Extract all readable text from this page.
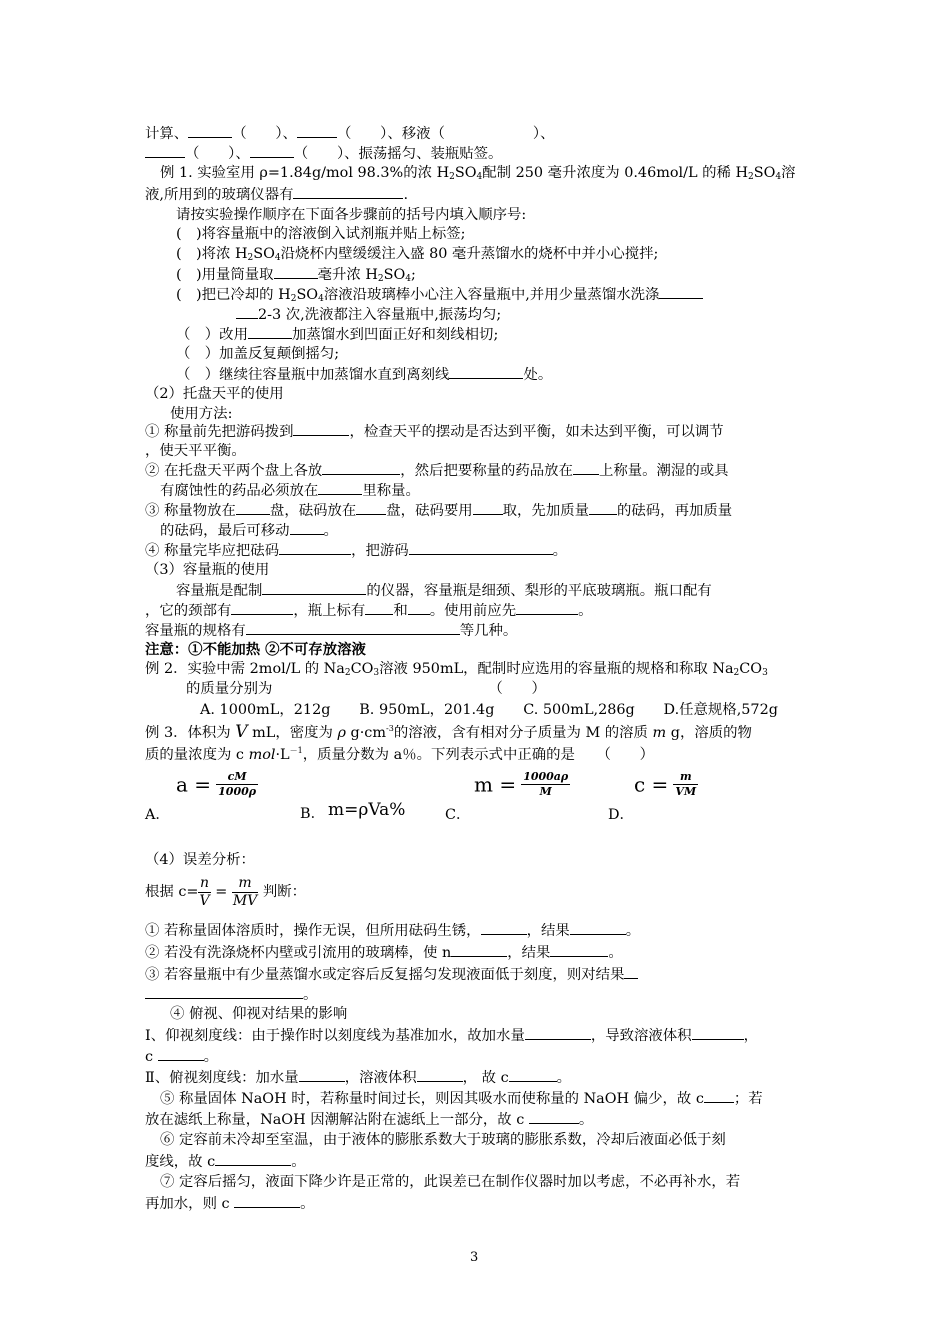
计算、	（　　）、	（　　）、移液（	）、
（　　）、	（　　）、振荡摇匀、装瓶贴签。
例 1. 实验室用 ρ=1.84g/mol 98.3%的浓 $H_2SO_4$配制 250 毫升浓度为 0.46mol/L 的稀 $H_2SO_4$溶
液,所用到的玻璃仪器有	.
请按实验操作顺序在下面各步骤前的括号内填入顺序号:
(　)将容量瓶中的溶液倒入试剂瓶并贴上标签;
(　)将浓 $H_2SO_4$沿烧杯内壁缓缓注入盛 80 毫升蒸馏水的烧杯中并小心搅拌;
(　)用量筒量取	毫升浓 $H_2SO_4$;
(　)把已冷却的 $H_2SO_4$溶液沿玻璃棒小心注入容量瓶中,并用少量蒸馏水洗涤
2-3 次,洗液都注入容量瓶中,振荡均匀;
（　）改用	加蒸馏水到凹面正好和刻线相切;
（　）加盖反复颠倒摇匀;
（　）继续往容量瓶中加蒸馏水直到离刻线	处。
（2）托盘天平的使用
使用方法:
① 称量前先把游码拨到	，检查天平的摆动是否达到平衡，如未达到平衡，可以调节
，使天平平衡。
② 在托盘天平两个盘上各放	，然后把要称量的药品放在 上称量。潮湿的或具
有腐蚀性的药品必须放在	里称量。
③ 称量物放在 盘，砝码放在 盘，砝码要用 取，先加质量 的砝码，再加质量
的砝码，最后可移动 。
④ 称量完毕应把砝码	，把游码	。
（3）容量瓶的使用
容量瓶是配制	的仪器，容量瓶是细颈、梨形的平底玻璃瓶。瓶口配有
，它的颈部有	，瓶上标有 和 。使用前应先	。
容量瓶的规格有	等几种。
注意：①不能加热 ②不可存放溶液
例 2．实验中需 2mol/L 的 $Na_2CO_3$溶液 950mL，配制时应选用的容量瓶的规格和称取 $Na_2CO_3$
的质量分别为	（　　）
A. 1000mL，212g　　B. 950mL，201.4g　　C. 500mL,286g　　D.任意规格,572g
例 3．体积为 V mL，密度为 ρ $g\cdot cm^{-3}$的溶液，含有相对分子质量为 M 的溶质 m g，溶质的物
质的量浓度为 c $mol\cdot L^{-1}$，质量分数为 a％。下列表示式中正确的是　　（　　）
A．
$a = \frac{cM}{1000\rho}$
B． m=ρVa%	C．
$m = \frac{1000a\rho}{M}$
D．
$c = \frac{m}{VM}$
（4）误差分析：
根据 $c= \frac{n}{V} = \frac{m}{MV}$ 判断：
① 若称量固体溶质时，操作无误，但所用砝码生锈，	，结果	。
② 若没有洗涤烧杯内壁或引流用的玻璃棒，使 n	，结果	。
③ 若容量瓶中有少量蒸馏水或定容后反复摇匀发现液面低于刻度，则对结果
。
④ 俯视、仰视对结果的影响
Ⅰ、仰视刻度线：由于操作时以刻度线为基准加水，故加水量	，导致溶液体积	，
c	。
Ⅱ、俯视刻度线：加水量	，溶液体积	， 故 c	。
⑤ 称量固体 NaOH 时，若称量时间过长，则因其吸水而使称量的 NaOH 偏少，故 c ；若
放在滤纸上称量，NaOH 因潮解沾附在滤纸上一部分，故 c	。
⑥ 定容前未冷却至室温，由于液体的膨胀系数大于玻璃的膨胀系数，冷却后液面必低于刻
度线，故 c	。
⑦ 定容后摇匀，液面下降少许是正常的，此误差已在制作仪器时加以考虑，不必再补水，若
再加水，则 c	。
3
